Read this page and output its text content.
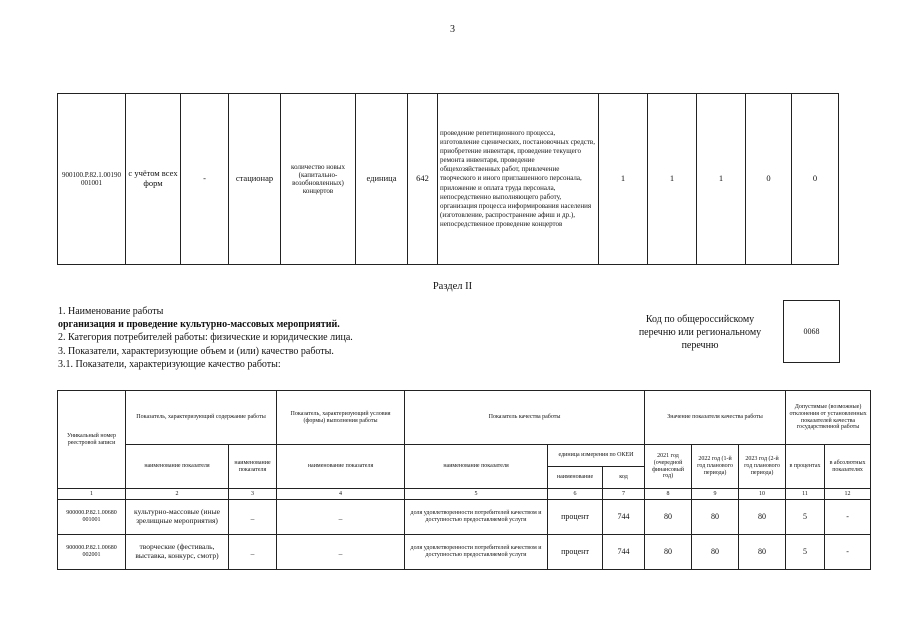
3
900100.Р.82.1.00190 001001	с учётом всех форм	-	стационар	количество новых (капитально-возобновленных) концертов	единица	642	проведение репетиционного процесса, изготовление сценических, постановочных средств, приобретение инвентаря, проведение текущего ремонта инвентаря, проведение общехозяйственных работ, привлечение творческого и иного приглашенного персонала, приложение и оплата труда персонала, непосредственно выполняющего работу, организация процесса информирования населения (изготовление, распространение афиш и др.), непосредственное проведение концертов	1	1	1	0	0
Раздел II
1. Наименование работы
организация и проведение культурно-массовых мероприятий.
2. Категория потребителей работы: физические и юридические лица.
3. Показатели, характеризующие объем и (или) качество работы.
3.1. Показатели, характеризующие качество работы:
Код по общероссийскому перечню или региональному перечню
0068
Уникальный номер реестровой записи	Показатель, характеризующий содержание работы		Показатель, характеризующий условия (формы) выполнения работы	Показатель качества работы			Значение показателя качества работы			Допустимые (возможные) отклонения от установленных показателей качества государственной работы	
	наименование показателя	наименование показателя	наименование показателя	наименование показателя	единица измерения по ОКЕИ		2021 год (очередной финансовый год)	2022 год (1-й год планового периода)	2023 год (2-й год планового периода)	в процентах	в абсолютных показателях
					наименование	код					
1	2	3	4	5	6	7	8	9	10	11	12
900000.Р.82.1.00680 001001	культурно-массовые (иные зрелищные мероприятия)	_	_	доля удовлетворенности потребителей качеством и доступностью предоставляемой услуги	процент	744	80	80	80	5	-
900000.Р.82.1.00680 002001	творческие (фестиваль, выставка, конкурс, смотр)	_	_	доля удовлетворенности потребителей качеством и доступностью предоставляемой услуги	процент	744	80	80	80	5	-
